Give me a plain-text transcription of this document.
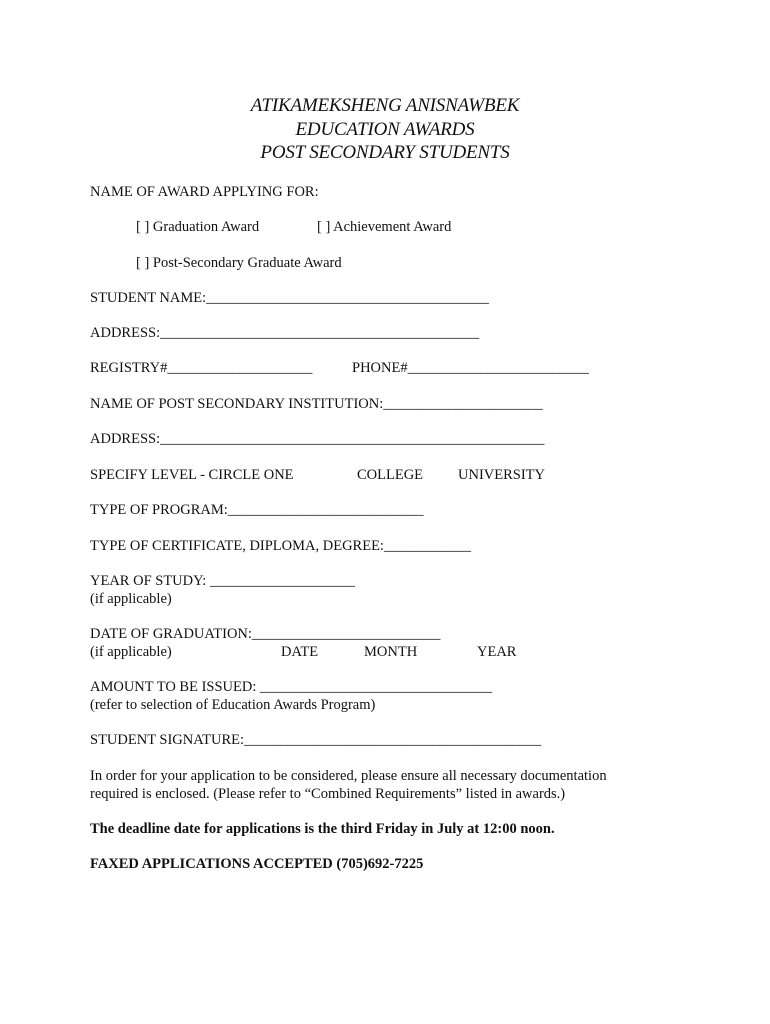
ATIKAMEKSHENG ANISNAWBEK
EDUCATION AWARDS
POST SECONDARY STUDENTS
NAME OF AWARD APPLYING FOR:
[ ] Graduation Award	[ ] Achievement Award
[ ] Post-Secondary Graduate Award
STUDENT NAME:_______________________________________
ADDRESS:____________________________________________
REGISTRY#____________________	PHONE#_________________________
NAME OF POST SECONDARY INSTITUTION:______________________
ADDRESS:_____________________________________________________
SPECIFY LEVEL - CIRCLE ONE	COLLEGE UNIVERSITY
TYPE OF PROGRAM:___________________________
TYPE OF CERTIFICATE, DIPLOMA, DEGREE:____________
YEAR OF STUDY: ____________________
(if applicable)
DATE OF GRADUATION:__________________________
(if applicable)	DATE	MONTH	YEAR
AMOUNT TO BE ISSUED: ________________________________
(refer to selection of Education Awards Program)
STUDENT SIGNATURE:_________________________________________
In order for your application to be considered, please ensure all necessary documentation
required is enclosed. (Please refer to “Combined Requirements” listed in awards.)
The deadline date for applications is the third Friday in July at 12:00 noon.
FAXED APPLICATIONS ACCEPTED (705)692-7225
